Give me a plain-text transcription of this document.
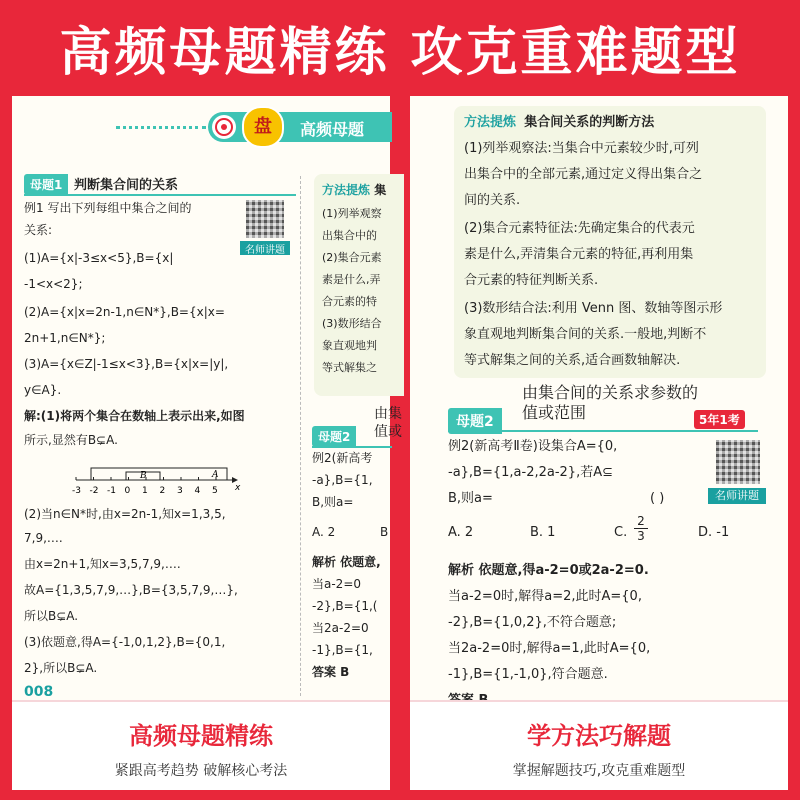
高频母题精练 攻克重难题型
盘	高频母题
母题1 判断集合间的关系
名师讲题
例1 写出下列每组中集合之间的
关系:
(1)A={x|-3≤x<5},B={x|
-1<x<2};
(2)A={x|x=2n-1,n∈N*},B={x|x=
2n+1,n∈N*};
(3)A={x∈Z|-1≤x<3},B={x|x=|y|,
y∈A}.
解:(1)将两个集合在数轴上表示出来,如图
所示,显然有B⊊A.
B	A
-3 -2 -1 0 1 2 3 4 5 x
(2)当n∈N*时,由x=2n-1,知x=1,3,5,
7,9,….
由x=2n+1,知x=3,5,7,9,….
故A={1,3,5,7,9,…},B={3,5,7,9,…},
所以B⊊A.
(3)依题意,得A={-1,0,1,2},B={0,1,
2},所以B⊊A.
008
方法提炼 集
(1)列举观察
出集合中的
(2)集合元素
素是什么,弄
合元素的特
(3)数形结合
象直观地判
等式解集之
由集
值或
母题2
例2(新高考
-a},B={1,
B,则a=
A. 2	B
解析 依题意,
当a-2=0
-2},B={1,(
当2a-2=0
-1},B={1,
答案 B
高频母题精练
紧跟高考趋势 破解核心考法
方法提炼 集合间关系的判断方法
(1)列举观察法:当集合中元素较少时,可列
出集合中的全部元素,通过定义得出集合之
间的关系.
(2)集合元素特征法:先确定集合的代表元
素是什么,弄清集合元素的特征,再利用集
合元素的特征判断关系.
(3)数形结合法:利用 Venn 图、数轴等图示形
象直观地判断集合间的关系.一般地,判断不
等式解集之间的关系,适合画数轴解决.
由集合间的关系求参数的
母题2	值或范围	5年1考
名师讲题
例2(新高考Ⅱ卷)设集合A={0,
-a},B={1,a-2,2a-2},若A⊆
B,则a=	( )
A. 2	B. 1	C. $\frac{2}{3}$	D. -1
解析 依题意,得a-2=0或2a-2=0.
当a-2=0时,解得a=2,此时A={0,
-2},B={1,0,2},不符合题意;
当2a-2=0时,解得a=1,此时A={0,
-1},B={1,-1,0},符合题意.
学方法巧解题
掌握解题技巧,攻克重难题型
